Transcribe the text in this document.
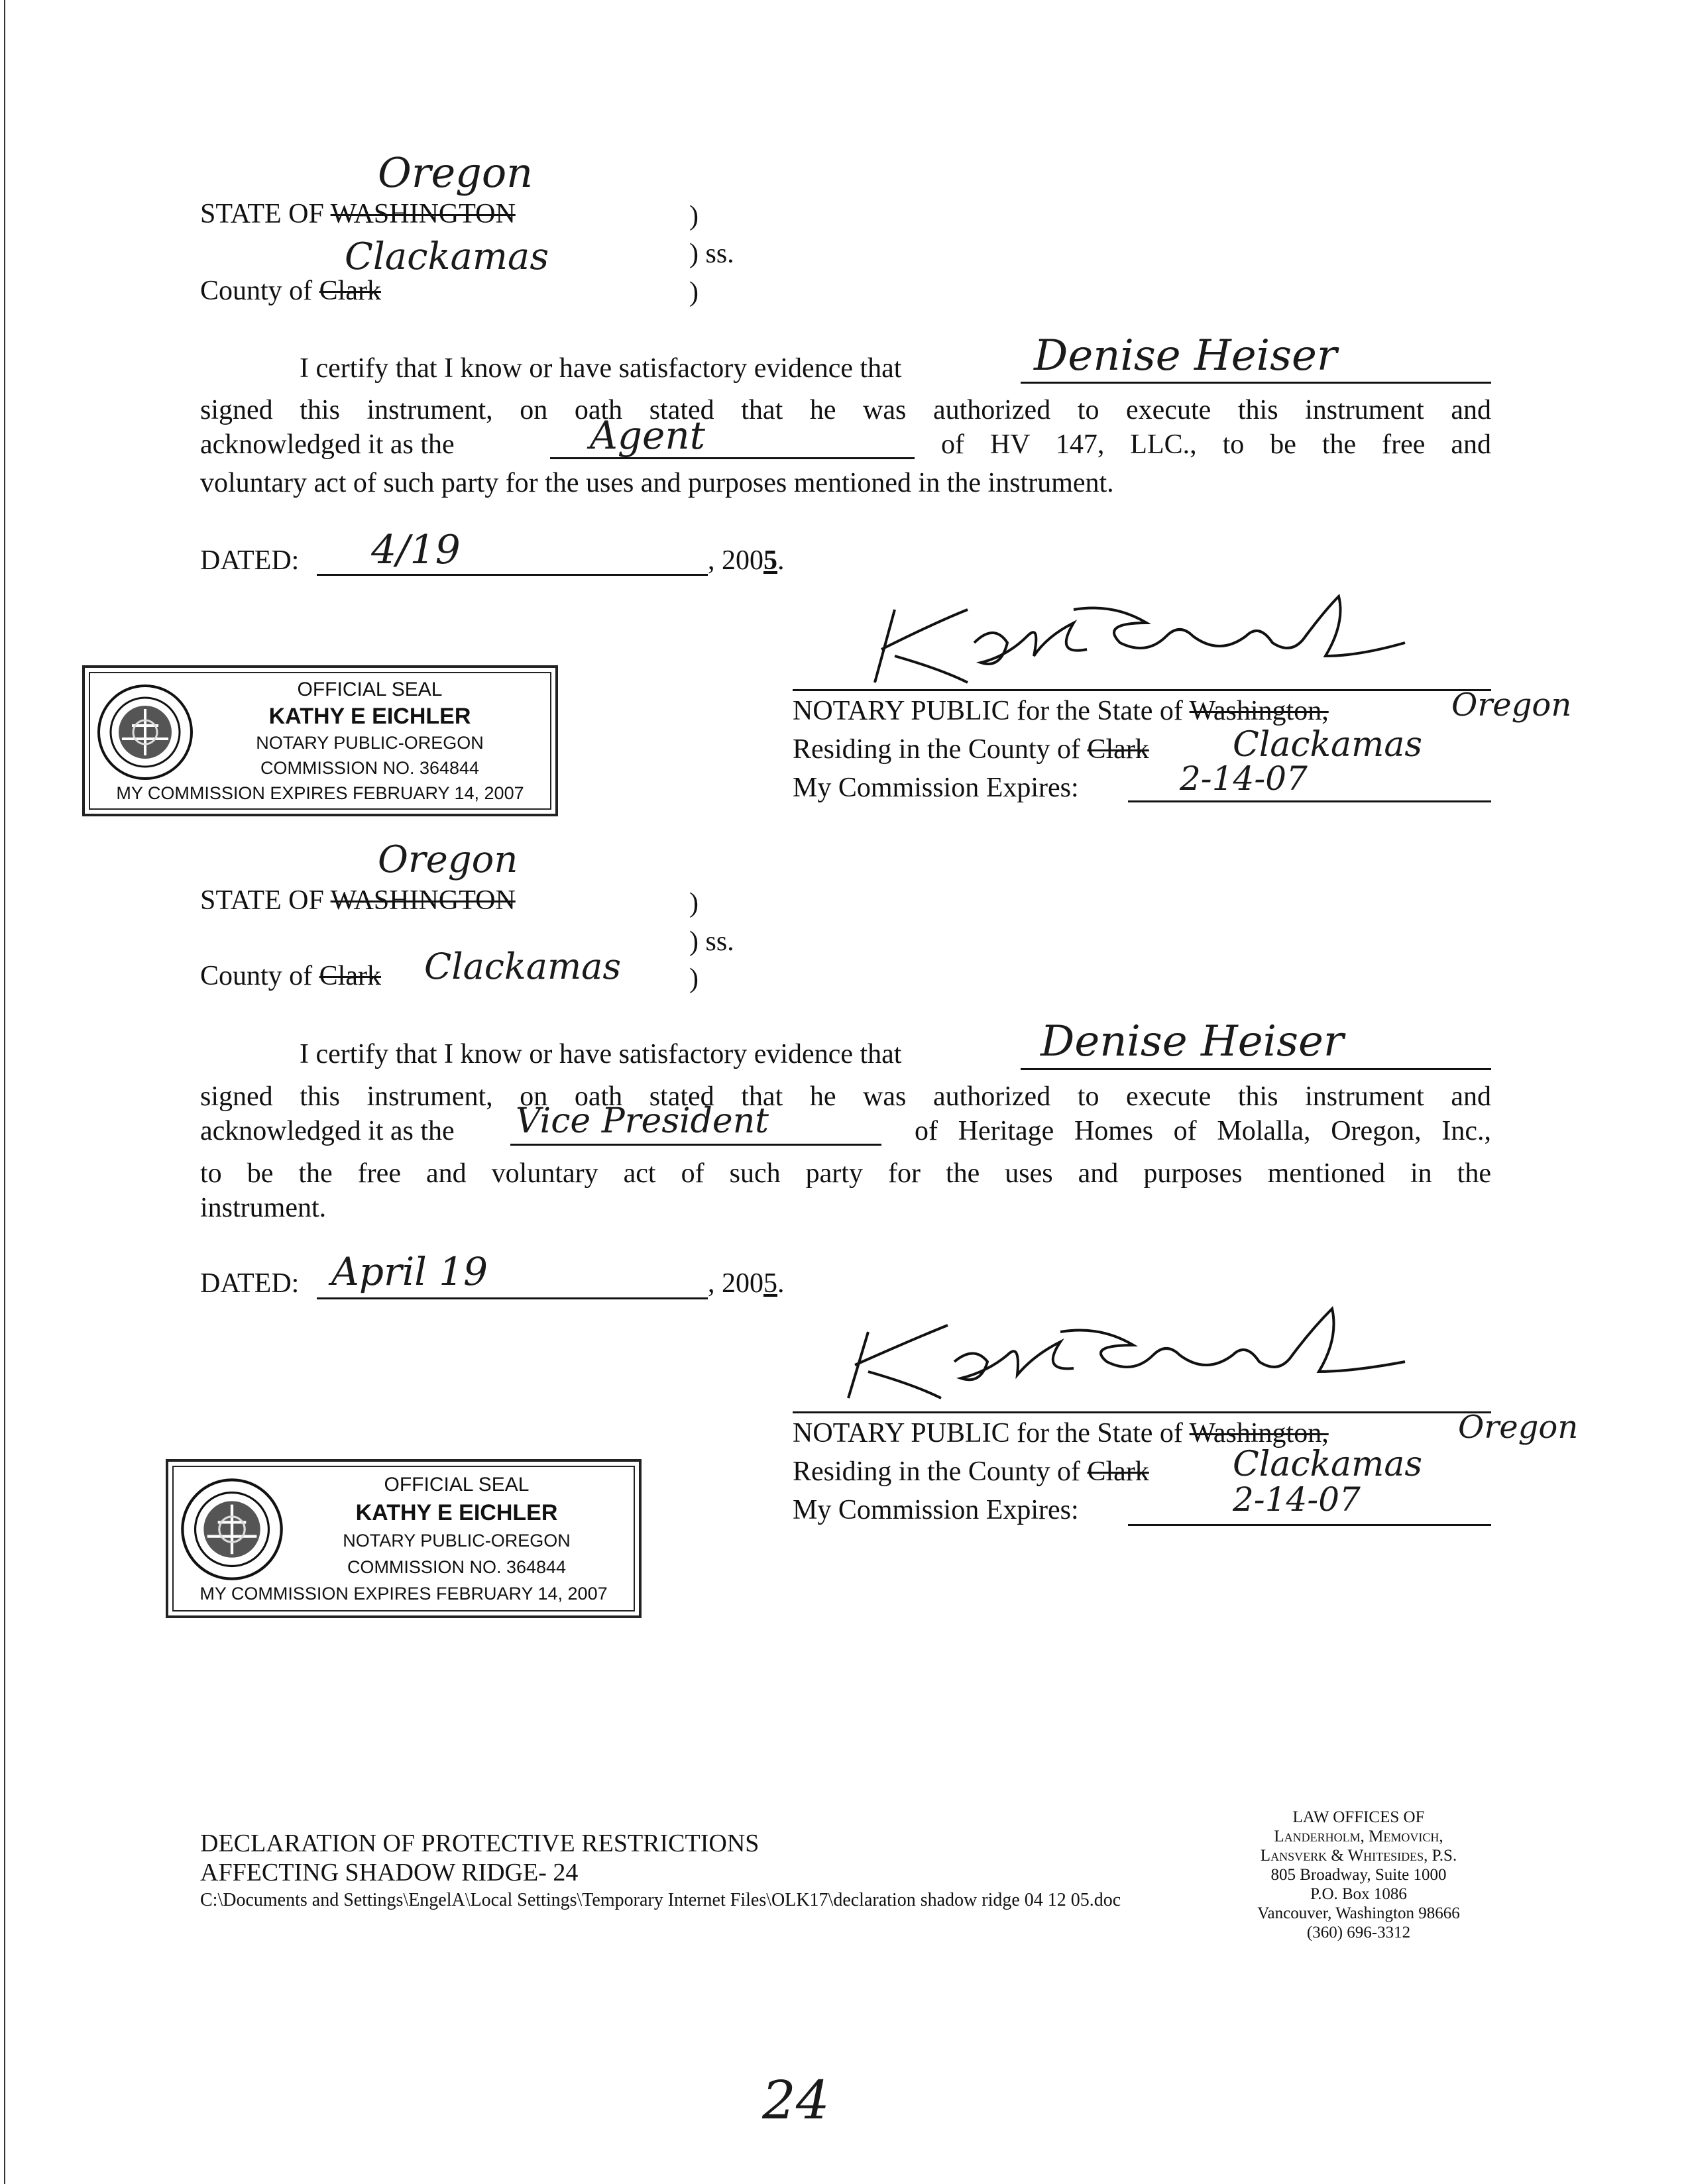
Oregon
STATE OF WASHINGTON	)
Clackamas	) ss.
County of Clark	)
I certify that I know or have satisfactory evidence that	Denise Heiser
signed this instrument, on oath stated that he was authorized to execute this instrument and
acknowledged it as the	Agent	of HV 147, LLC., to be the free and
voluntary act of such party for the uses and purposes mentioned in the instrument.
DATED: 4/19	, 2005.
NOTARY PUBLIC for the State of Washington,	Oregon
Residing in the County of Clark Clackamas
My Commission Expires:	2-14-07
OFFICIAL SEAL
KATHY E EICHLER
NOTARY PUBLIC-OREGON
COMMISSION NO. 364844
MY COMMISSION EXPIRES FEBRUARY 14, 2007
Oregon
STATE OF WASHINGTON	)
) ss.
County of Clark Clackamas )
I certify that I know or have satisfactory evidence that	Denise Heiser
signed this instrument, on oath stated that he was authorized to execute this instrument and
acknowledged it as the Vice President	of Heritage Homes of Molalla, Oregon, Inc.,
to be the free and voluntary act of such party for the uses and purposes mentioned in the
instrument.
DATED: April 19	, 2005.
NOTARY PUBLIC for the State of Washington,	Oregon
Residing in the County of Clark Clackamas
My Commission Expires:	2-14-07
OFFICIAL SEAL
KATHY E EICHLER
NOTARY PUBLIC-OREGON
COMMISSION NO. 364844
MY COMMISSION EXPIRES FEBRUARY 14, 2007
DECLARATION OF PROTECTIVE RESTRICTIONS
AFFECTING SHADOW RIDGE- 24
C:\Documents and Settings\EngelA\Local Settings\Temporary Internet Files\OLK17\declaration shadow ridge 04 12 05.doc
LAW OFFICES OF
Landerholm, Memovich,
Lansverk & Whitesides, P.S.
805 Broadway, Suite 1000
P.O. Box 1086
Vancouver, Washington 98666
(360) 696-3312
24
